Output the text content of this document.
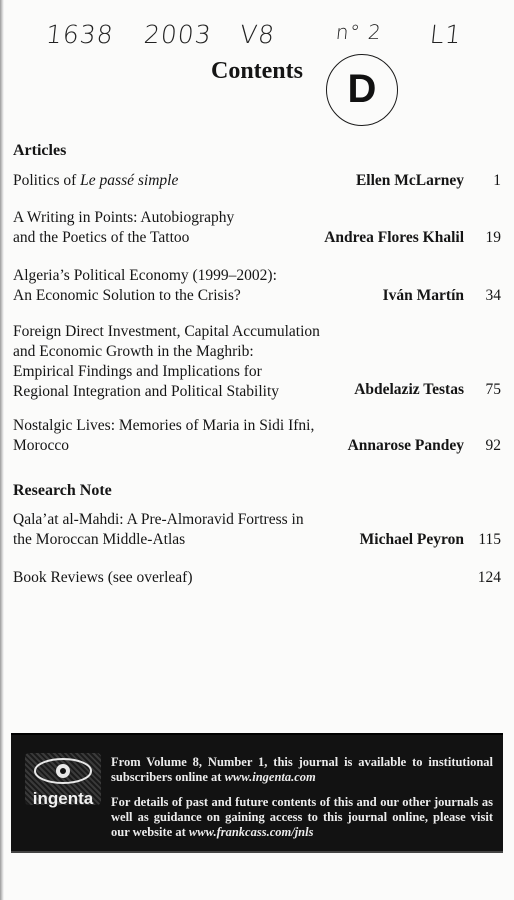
1638 2003 V8	n° 2 L1
Contents	D
Articles
Politics of Le passé simple	Ellen McLarney	1
A Writing in Points: Autobiography
and the Poetics of the Tattoo	Andrea Flores Khalil	19
Algeria’s Political Economy (1999–2002):
An Economic Solution to the Crisis?	Iván Martín	34
Foreign Direct Investment, Capital Accumulation
and Economic Growth in the Maghrib:
Empirical Findings and Implications for
Regional Integration and Political Stability	Abdelaziz Testas	75
Nostalgic Lives: Memories of Maria in Sidi Ifni,
Morocco	Annarose Pandey	92
Research Note
Qala’at al-Mahdi: A Pre-Almoravid Fortress in
the Moroccan Middle-Atlas	Michael Peyron 115
Book Reviews (see overleaf)	124
ingenta
From Volume 8, Number 1, this journal is available to institutional subscribers online at www.ingenta.com
For details of past and future contents of this and our other journals as well as guidance on gaining access to this journal online, please visit our website at www.frankcass.com/jnls
